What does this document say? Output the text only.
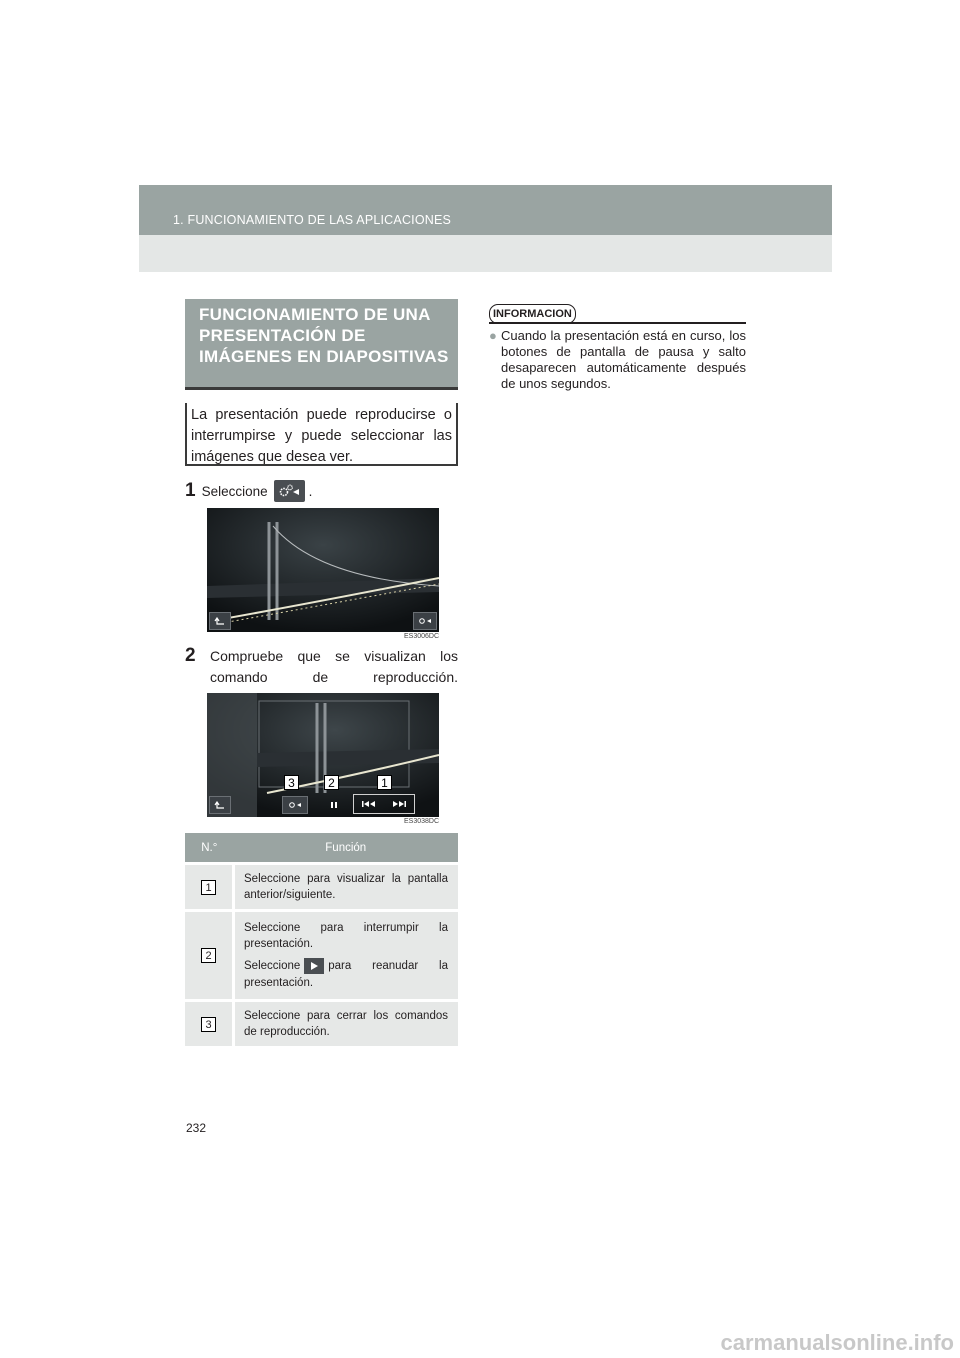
1. FUNCIONAMIENTO DE LAS APLICACIONES
FUNCIONAMIENTO DE UNA PRESENTACIÓN DE IMÁGENES EN DIAPOSITIVAS
La presentación puede reproducirse o interrumpirse y puede seleccionar las imágenes que desea ver.
1 Seleccione	.
ES3006DC
2	Compruebe que se visualizan los comando de reproducción.
3	2	1
ES3038DC
N.°	Función
1	Seleccione para visualizar la pantalla anterior/siguiente.

2	Seleccione para interrumpir la presentación.

Seleccione para reanudar la presentación.

3	Seleccione para cerrar los comandos de reproducción.

INFORMACION
● Cuando la presentación está en curso, los botones de pantalla de pausa y salto desaparecen automáticamente después de unos segundos.

232
carmanualsonline.info
